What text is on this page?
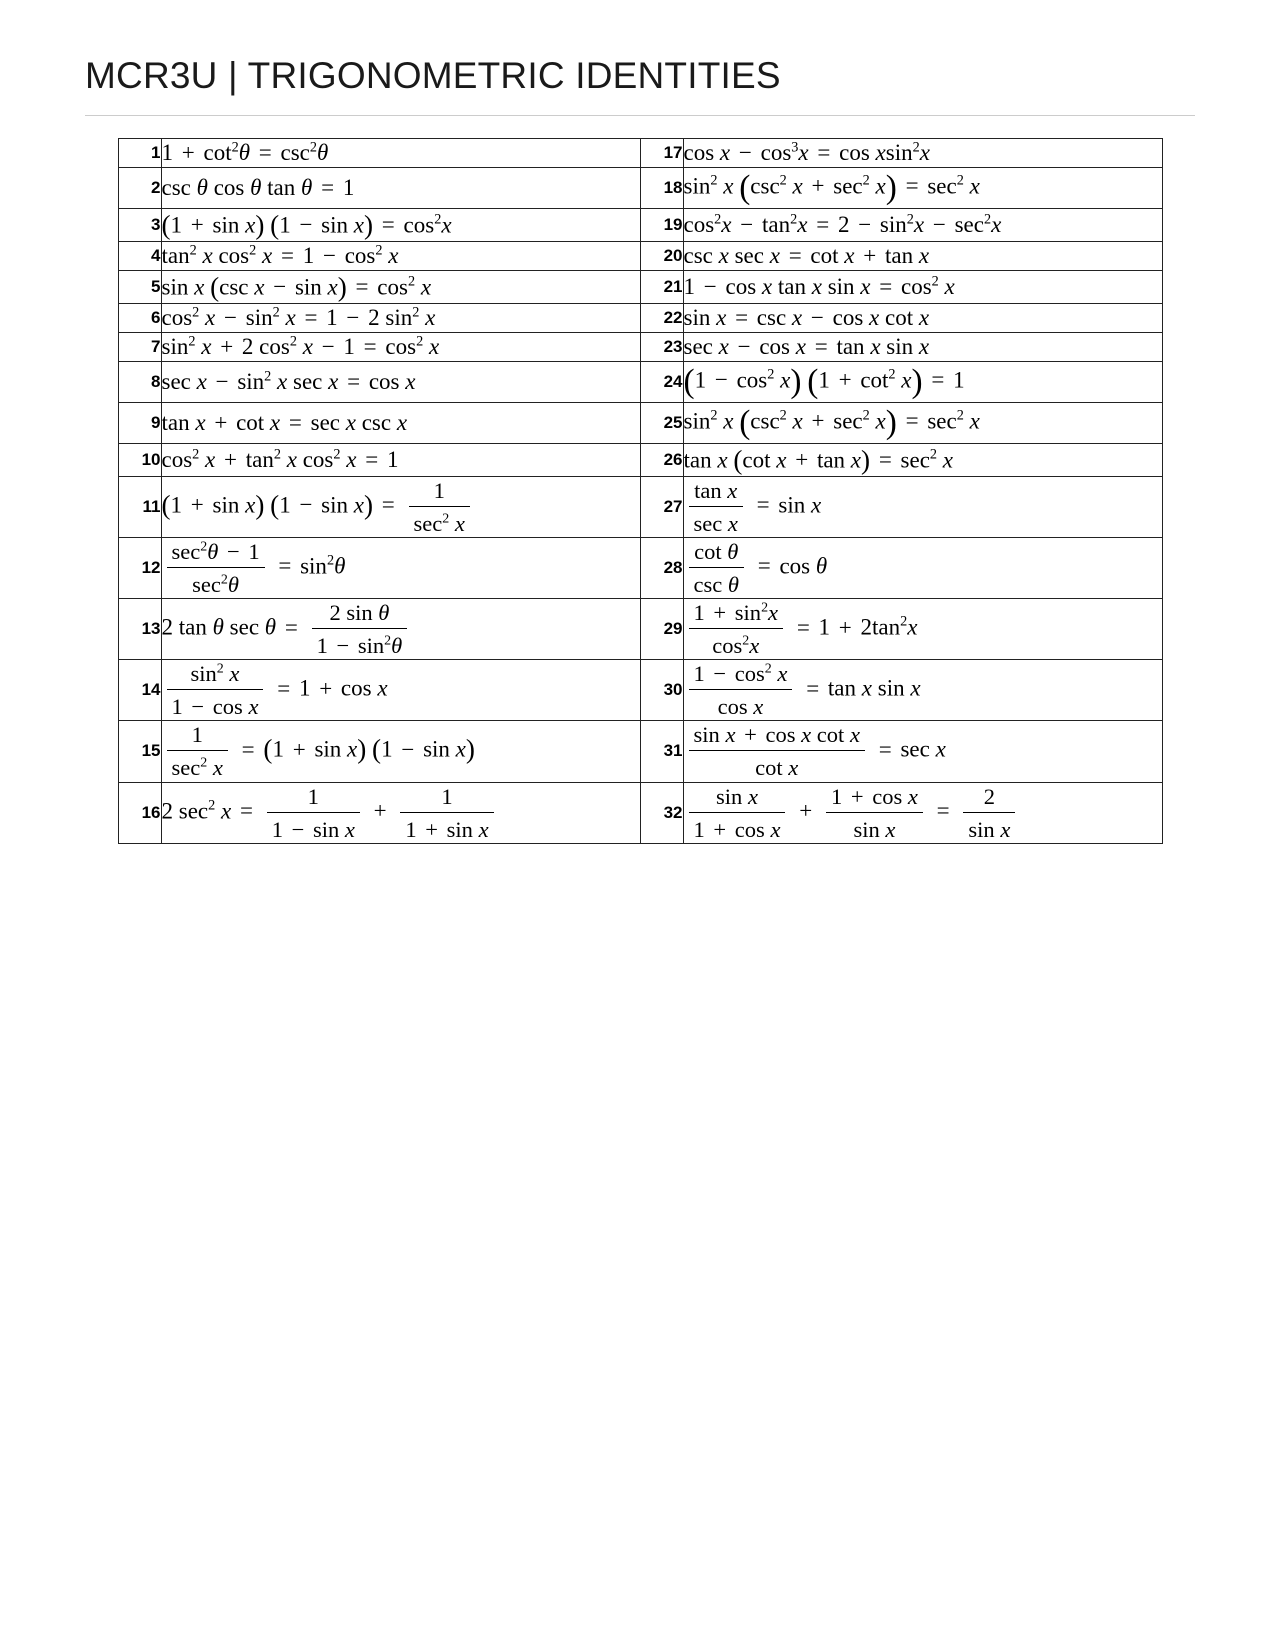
MCR3U | TRIGONOMETRIC IDENTITIES
1	$1 + \cot^2\theta = \csc^2\theta$	17	$\cos x - \cos^3x = \cos xsin^2x$
2	csc θ cos θ tan θ = 1	18	$\sin^2 x$ ($\csc^2$ $x + \sec^2 x) = \sec^2 x$
3	(1 + sin x) $(1 - \sin x) = \cos^2x$	19	$\cos^2x - \tan^2x = 2 - \sin^2x - \sec^2x$
4	$\tan^2 x$ $\cos^2 x = 1 - \cos^2 x$	20	csc x sec x = cot x + tan x
5	sin x (csc $x - \sin x) = \cos^2 x$	21	1 − cos x tan x $\sin x = \cos^2 x$
6	$\cos^2 x - \sin^2 x = 1 - 2$ $\sin^2 x$	22	sin x = csc x − cos x cot x
7	$\sin^2 x + 2$ $\cos^2 x - 1 = \cos^2 x$	23	sec x − cos x = tan x sin x
8	$\sec x - \sin^2 x$ sec x = cos x	24	$(1 - \cos^2 x)$ $(1 + \cot^2 x) = 1$
9	tan x + cot x = sec x csc x	25	$\sin^2 x$ ($\csc^2$ $x + \sec^2 x) = \sec^2 x$
10	$\cos^2 x + \tan^2 x$ $\cos^2 x = 1$	26	tan x (cot $x + \tan x) = \sec^2 x$
11	(1 + sin x) $(1 - \sin x) = \frac{1}{\sec^2 x}$	27	$\frac{\text{tan x}}{\text{sec x}} = \sin x$
12	$\frac{\sec^2\theta - 1}{\sec^2\theta} = \sin^2\theta$	28	$\frac{\text{cot θ}}{\text{csc θ}} = \cos \theta$
13	2 tan θ $\sec \theta = \frac{\text{2 sin θ}}{1 - \sin^2\theta}$	29	$\frac{1 + \sin^2x}{\cos^2x} = 1 + 2\tan^2x$
14	$\frac{\sin^2 x}{\text{1 − cos x}} = 1 + \cos x$	30	$\frac{1 - \cos^2 x}{\text{cos x}} = \tan x$ sin x
15	$\frac{1}{\sec^2 x} = (1 + \sin x) (1 - \sin x)$	31	$\frac{\text{sin x + cos x cot x}}{\text{cot x}} = \sec x$
16	2 $\sec^2 x = \frac{1}{\text{1 − sin x}} + \frac{1}{\text{1 + sin x}}$	32	$\frac{\text{sin x}}{\text{1 + cos x}} + \frac{\text{1 + cos x}}{\text{sin x}} = \frac{2}{\text{sin x}}$
